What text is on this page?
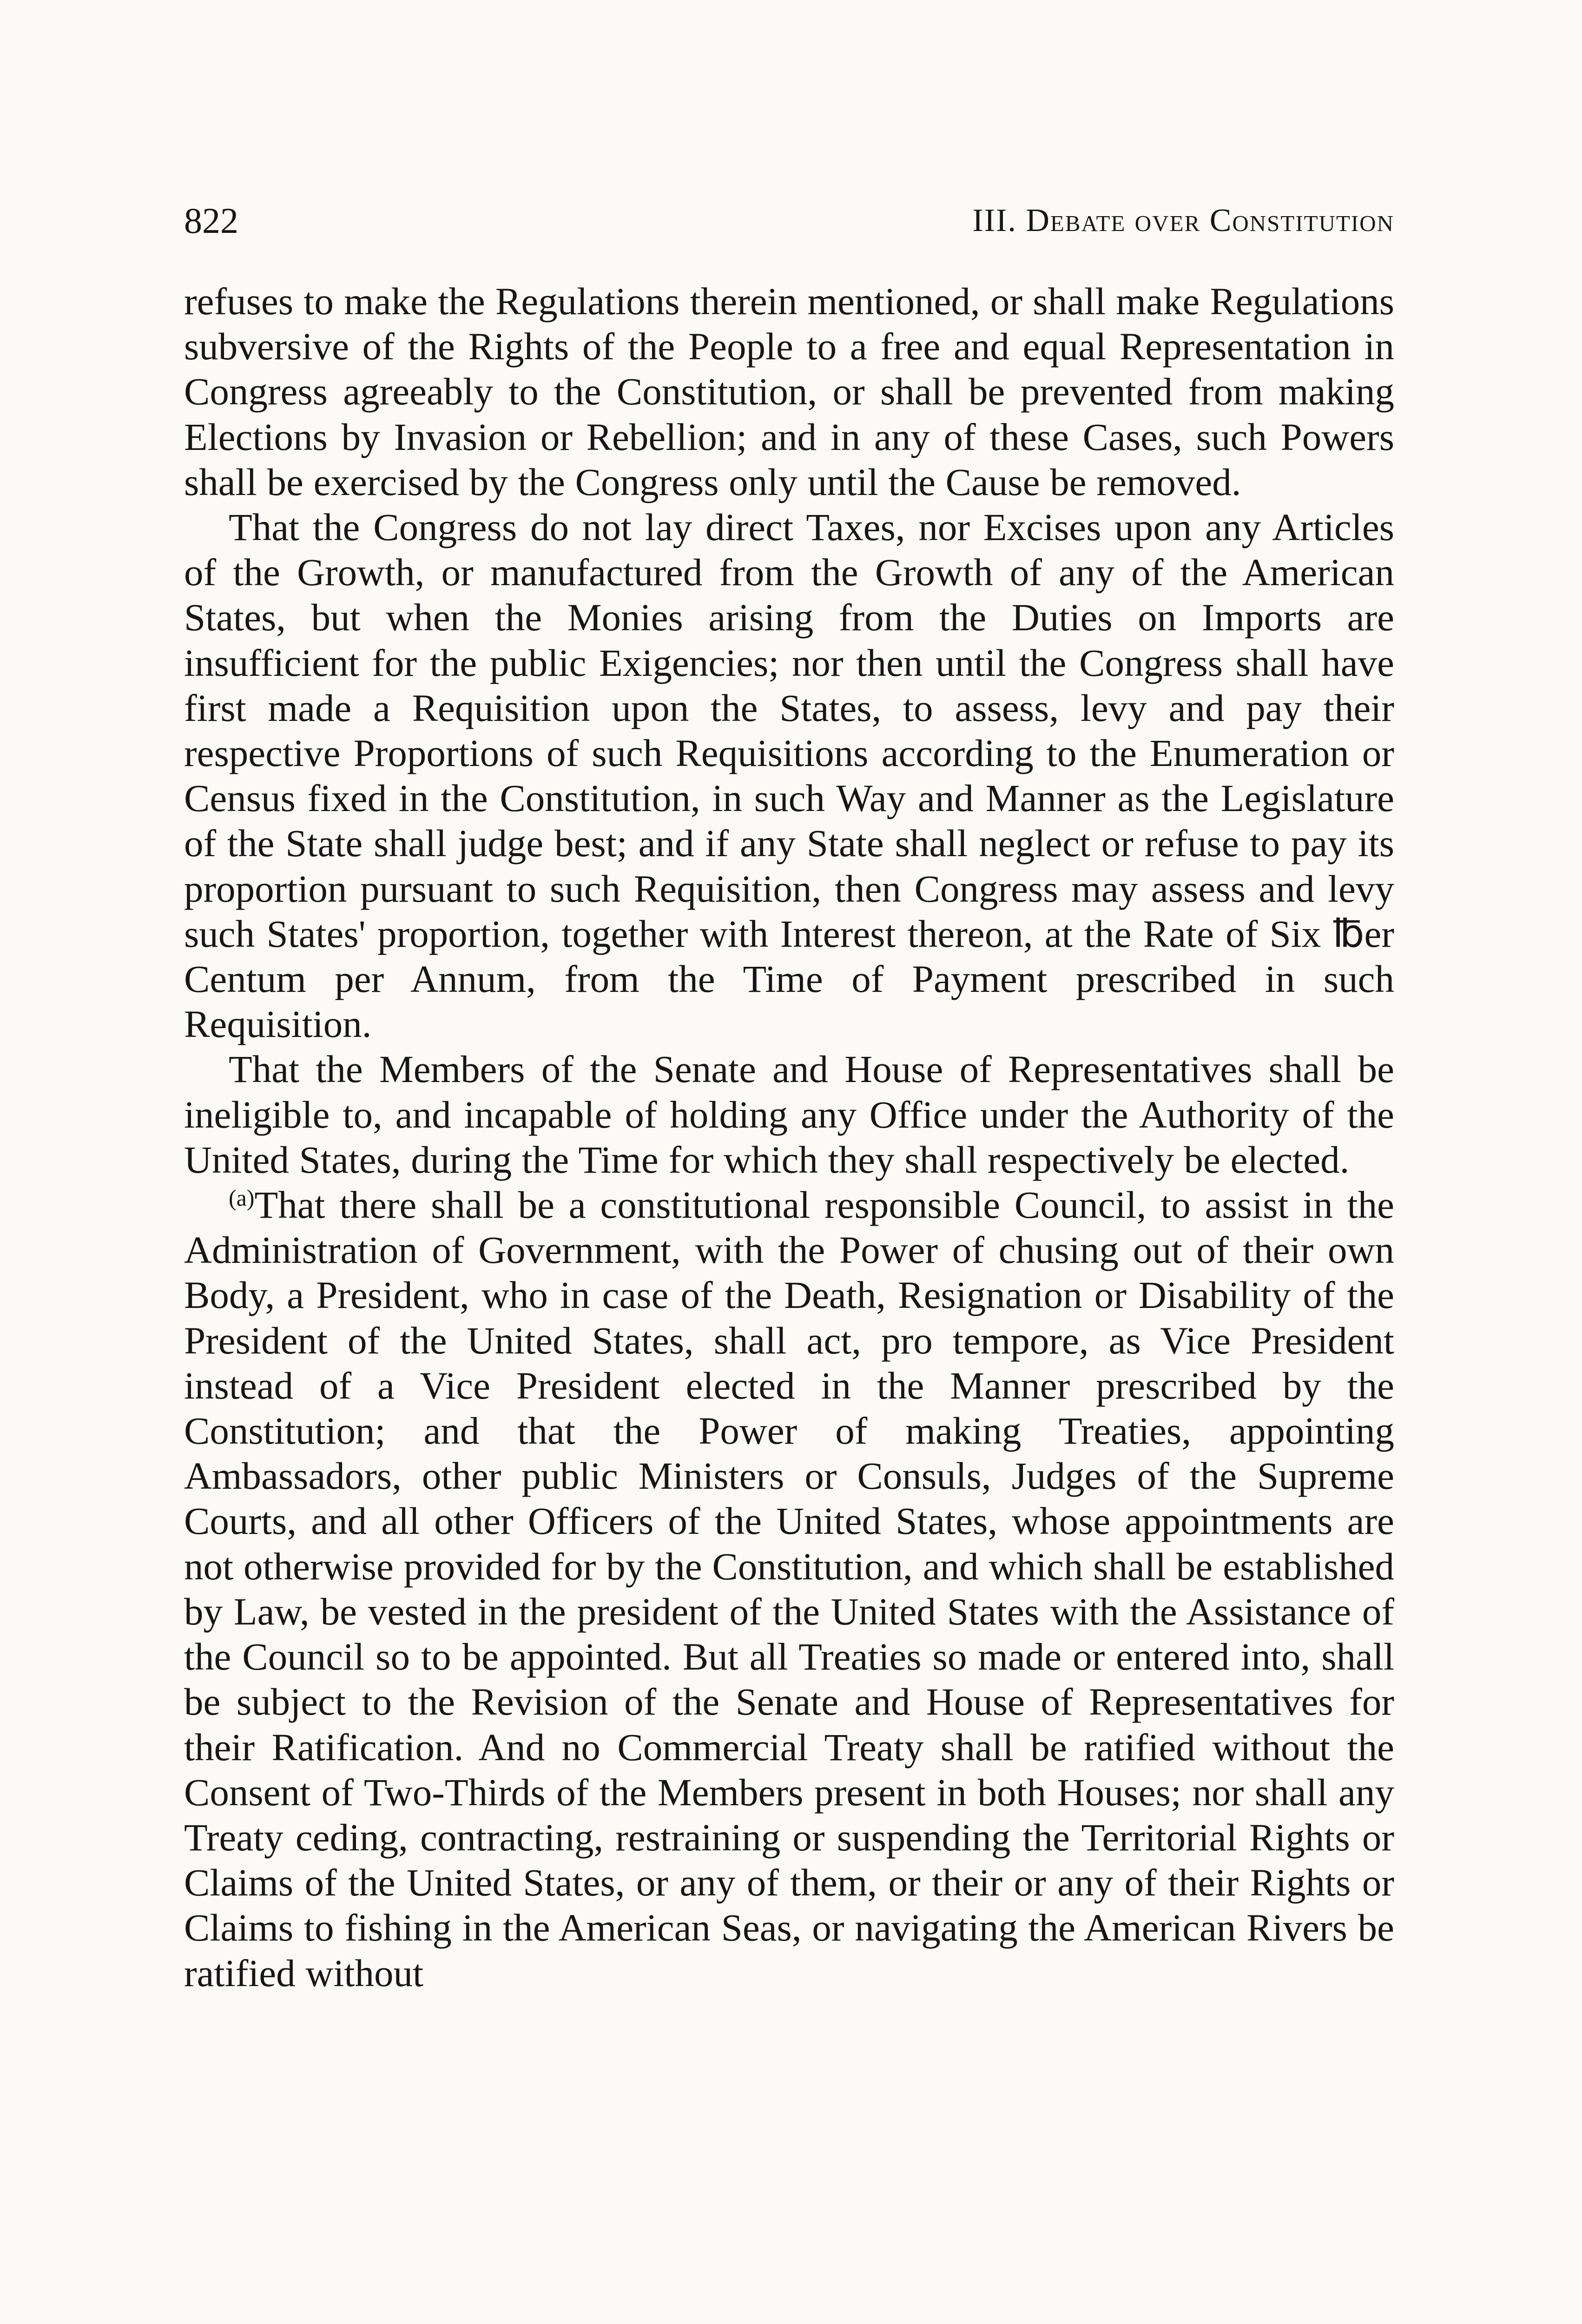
822	III. Debate over Constitution

refuses to make the Regulations therein mentioned, or shall make Regulations subversive of the Rights of the People to a free and equal Representation in Congress agreeably to the Constitution, or shall be prevented from making Elections by Invasion or Rebellion; and in any of these Cases, such Powers shall be exercised by the Congress only until the Cause be removed.

That the Congress do not lay direct Taxes, nor Excises upon any Articles of the Growth, or manufactured from the Growth of any of the American States, but when the Monies arising from the Duties on Imports are insufficient for the public Exigencies; nor then until the Congress shall have first made a Requisition upon the States, to assess, levy and pay their respective Proportions of such Requisitions according to the Enumeration or Census fixed in the Constitution, in such Way and Manner as the Legislature of the State shall judge best; and if any State shall neglect or refuse to pay its proportion pursuant to such Requisition, then Congress may assess and levy such States' proportion, together with Interest thereon, at the Rate of Six ℔er Centum per Annum, from the Time of Payment prescribed in such Requisition.

That the Members of the Senate and House of Representatives shall be ineligible to, and incapable of holding any Office under the Authority of the United States, during the Time for which they shall respectively be elected.

$^{(a)}$That there shall be a constitutional responsible Council, to assist in the Administration of Government, with the Power of chusing out of their own Body, a President, who in case of the Death, Resignation or Disability of the President of the United States, shall act, pro tempore, as Vice President instead of a Vice President elected in the Manner prescribed by the Constitution; and that the Power of making Treaties, appointing Ambassadors, other public Ministers or Consuls, Judges of the Supreme Courts, and all other Officers of the United States, whose appointments are not otherwise provided for by the Constitution, and which shall be established by Law, be vested in the president of the United States with the Assistance of the Council so to be appointed. But all Treaties so made or entered into, shall be subject to the Revision of the Senate and House of Representatives for their Ratification. And no Commercial Treaty shall be ratified without the Consent of Two-Thirds of the Members present in both Houses; nor shall any Treaty ceding, contracting, restraining or suspending the Territorial Rights or Claims of the United States, or any of them, or their or any of their Rights or Claims to fishing in the American Seas, or navigating the American Rivers be ratified without
